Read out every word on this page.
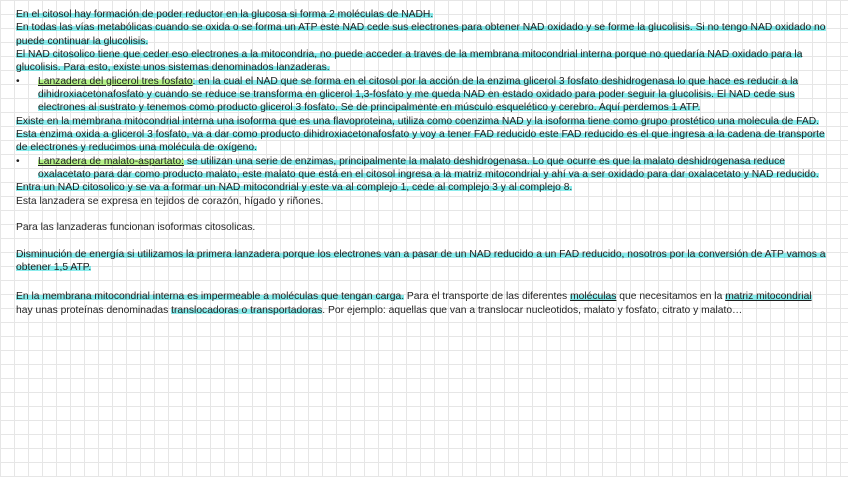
En el citosol hay formación de poder reductor en la glucosa si forma 2 moléculas de NADH.

En todas las vías metabólicas cuando se oxida o se forma un ATP este NAD cede sus electrones para obtener NAD oxidado y se forme la glucolisis. Si no tengo NAD oxidado no puede continuar la glucolisis.

El NAD citosolico tiene que ceder eso electrones a la mitocondria, no puede acceder a traves de la membrana mitocondrial interna porque no quedaría NAD oxidado para la glucolisis. Para esto, existe unos sistemas denominados lanzaderas.

• Lanzadera del glicerol tres fosfato: en la cual el NAD que se forma en el citosol por la acción de la enzima glicerol 3 fosfato deshidrogenasa lo que hace es reducir a la dihidroxiacetonafosfato y cuando se reduce se transforma en glicerol 1,3-fosfato y me queda NAD en estado oxidado para poder seguir la glucolisis. El NAD cede sus electrones al sustrato y tenemos como producto glicerol 3 fosfato. Se de principalmente en músculo esquelético y cerebro. Aquí perdemos 1 ATP.

Existe en la membrana mitocondrial interna una isoforma que es una flavoproteina, utiliza como coenzima NAD y la isoforma tiene como grupo prostético una molecula de FAD. Esta enzima oxida a glicerol 3 fosfato, va a dar como producto dihidroxiacetonafosfato y voy a tener FAD reducido este FAD reducido es el que ingresa a la cadena de transporte de electrones y reducimos una molécula de oxígeno.

• Lanzadera de malato-aspartato: se utilizan una serie de enzimas, principalmente la malato deshidrogenasa. Lo que ocurre es que la malato deshidrogenasa reduce oxalacetato para dar como producto malato, este malato que está en el citosol ingresa a la matriz mitocondrial y ahí va a ser oxidado para dar oxalacetato y NAD reducido.

Entra un NAD citosolico y se va a formar un NAD mitocondrial y este va al complejo 1, cede al complejo 3 y al complejo 8.

Esta lanzadera se expresa en tejidos de corazón, hígado y riñones.

Para las lanzaderas funcionan isoformas citosolicas.

Disminución de energía si utilizamos la primera lanzadera porque los electrones van a pasar de un NAD reducido a un FAD reducido, nosotros por la conversión de ATP vamos a obtener 1,5 ATP.

En la membrana mitocondrial interna es impermeable a moléculas que tengan carga. Para el transporte de las diferentes moléculas que necesitamos en la matriz mitocondrial hay unas proteínas denominadas translocadoras o transportadoras. Por ejemplo: aquellas que van a translocar nucleotidos, malato y fosfato, citrato y malato…
